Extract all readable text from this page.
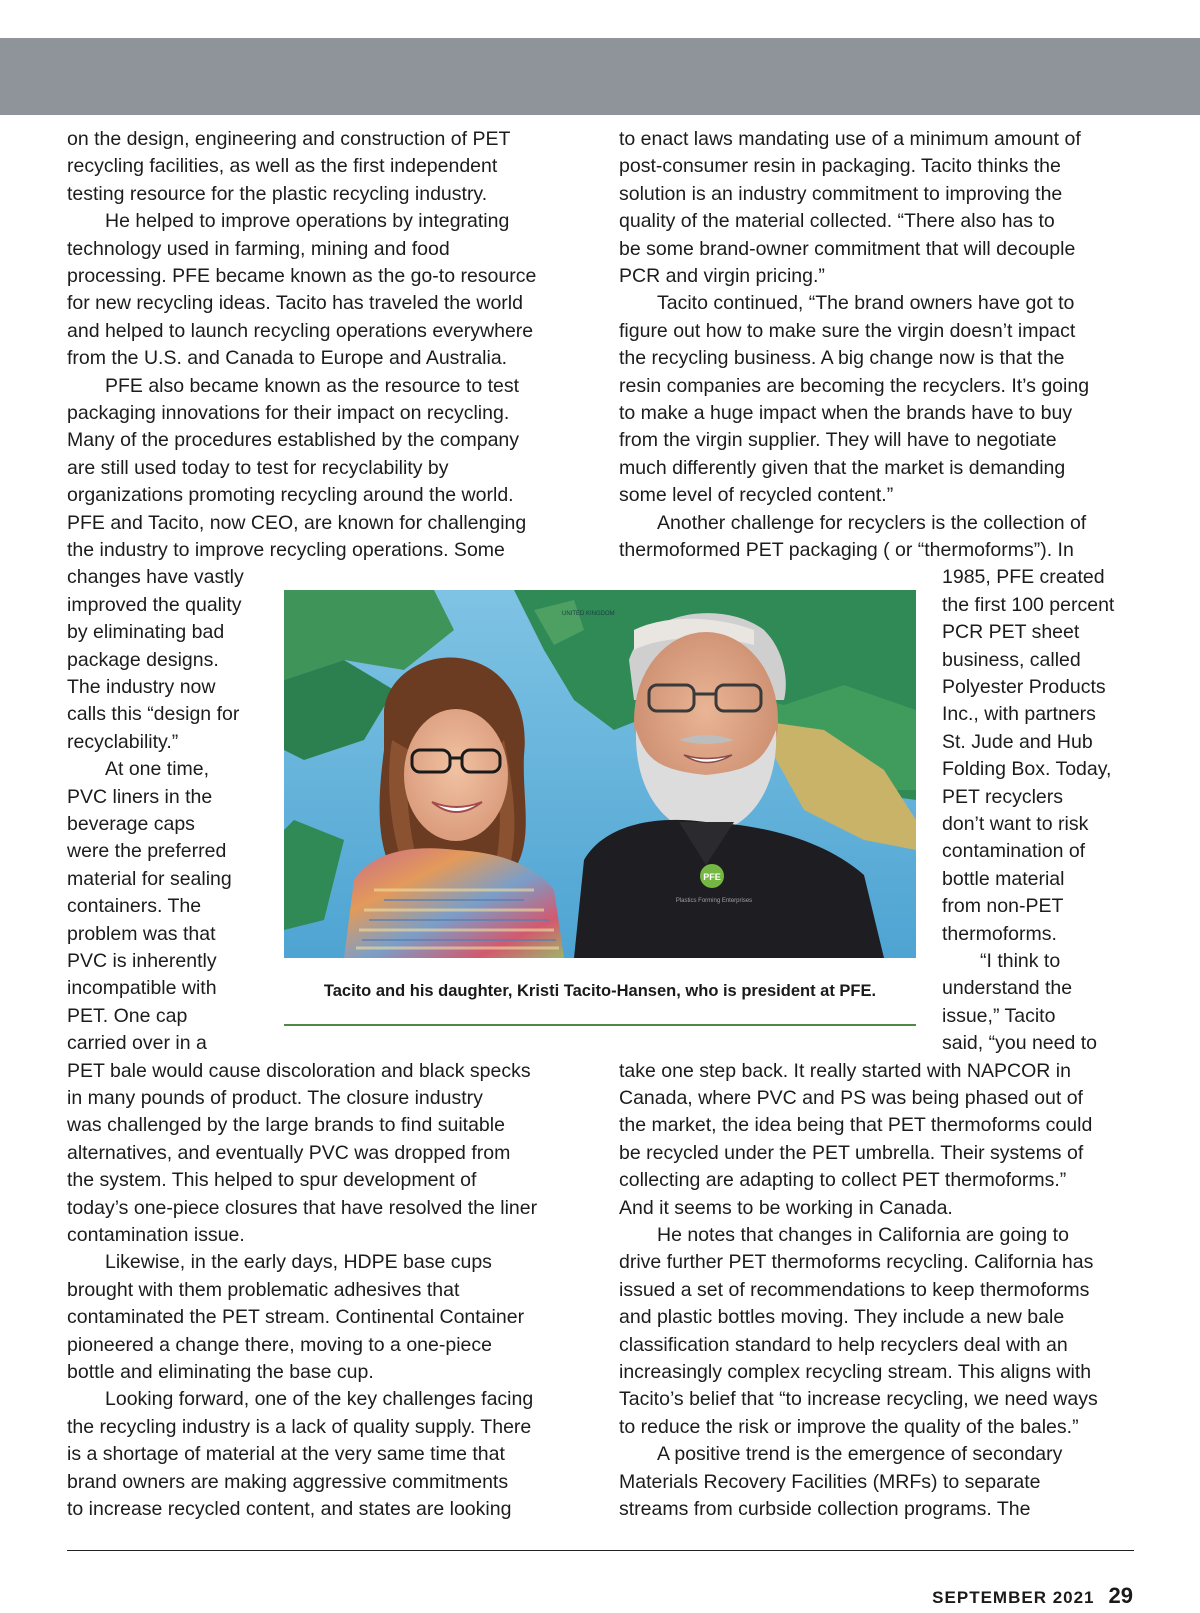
on the design, engineering and construction of PET
recycling facilities, as well as the first independent
testing resource for the plastic recycling industry.
He helped to improve operations by integrating
technology used in farming, mining and food
processing. PFE became known as the go-to resource
for new recycling ideas. Tacito has traveled the world
and helped to launch recycling operations everywhere
from the U.S. and Canada to Europe and Australia.
PFE also became known as the resource to test
packaging innovations for their impact on recycling.
Many of the procedures established by the company
are still used today to test for recyclability by
organizations promoting recycling around the world.
PFE and Tacito, now CEO, are known for challenging
the industry to improve recycling operations. Some
changes have vastly
improved the quality
by eliminating bad
package designs.
The industry now
calls this “design for
recyclability.”
At one time,
PVC liners in the
beverage caps
were the preferred
material for sealing
containers. The
problem was that
PVC is inherently
incompatible with
PET. One cap
carried over in a
PET bale would cause discoloration and black specks
in many pounds of product. The closure industry
was challenged by the large brands to find suitable
alternatives, and eventually PVC was dropped from
the system. This helped to spur development of
today’s one-piece closures that have resolved the liner
contamination issue.
Likewise, in the early days, HDPE base cups
brought with them problematic adhesives that
contaminated the PET stream. Continental Container
pioneered a change there, moving to a one-piece
bottle and eliminating the base cup.
Looking forward, one of the key challenges facing
the recycling industry is a lack of quality supply. There
is a shortage of material at the very same time that
brand owners are making aggressive commitments
to increase recycled content, and states are looking
to enact laws mandating use of a minimum amount of
post-consumer resin in packaging. Tacito thinks the
solution is an industry commitment to improving the
quality of the material collected. “There also has to
be some brand-owner commitment that will decouple
PCR and virgin pricing.”
Tacito continued, “The brand owners have got to
figure out how to make sure the virgin doesn’t impact
the recycling business. A big change now is that the
resin companies are becoming the recyclers. It’s going
to make a huge impact when the brands have to buy
from the virgin supplier. They will have to negotiate
much differently given that the market is demanding
some level of recycled content.”
Another challenge for recyclers is the collection of
thermoformed PET packaging ( or “thermoforms”). In
1985, PFE created
the first 100 percent
PCR PET sheet
business, called
Polyester Products
Inc., with partners
St. Jude and Hub
Folding Box. Today,
PET recyclers
don’t want to risk
contamination of
bottle material
from non-PET
thermoforms.
“I think to
understand the
issue,” Tacito
said, “you need to
take one step back. It really started with NAPCOR in
Canada, where PVC and PS was being phased out of
the market, the idea being that PET thermoforms could
be recycled under the PET umbrella. Their systems of
collecting are adapting to collect PET thermoforms.”
And it seems to be working in Canada.
He notes that changes in California are going to
drive further PET thermoforms recycling. California has
issued a set of recommendations to keep thermoforms
and plastic bottles moving. They include a new bale
classification standard to help recyclers deal with an
increasingly complex recycling stream. This aligns with
Tacito’s belief that “to increase recycling, we need ways
to reduce the risk or improve the quality of the bales.”
A positive trend is the emergence of secondary
Materials Recovery Facilities (MRFs) to separate
streams from curbside collection programs. The
UNITED KINGDOM
PFE
Plastics Forming Enterprises
Tacito and his daughter, Kristi Tacito-Hansen, who is president at PFE.
SEPTEMBER 2021 29
